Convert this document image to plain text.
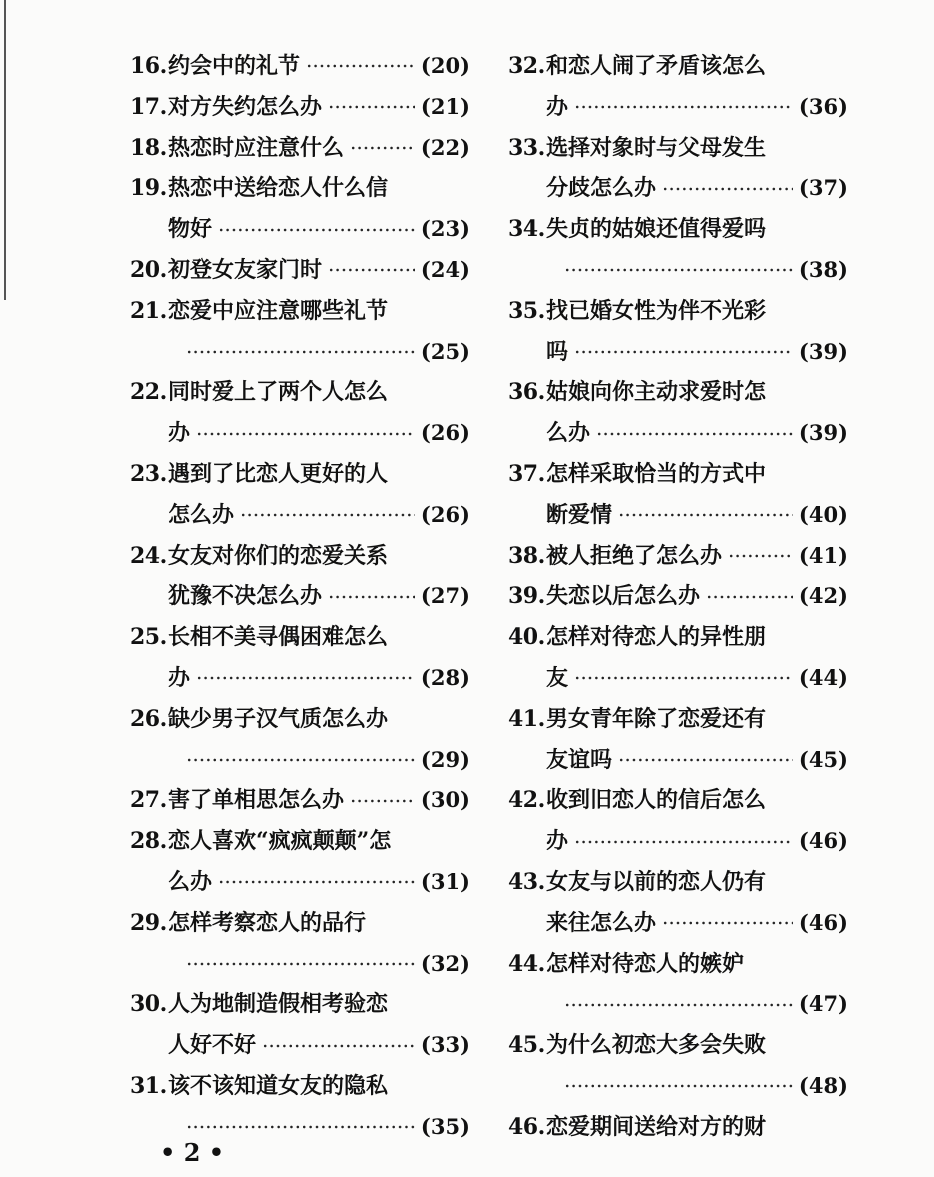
16. 约会中的礼节	(20)
17. 对方失约怎么办	(21)
18. 热恋时应注意什么	(22)
19. 热恋中送给恋人什么信
物好	(23)
20. 初登女友家门时	(24)
21. 恋爱中应注意哪些礼节
(25)
22. 同时爱上了两个人怎么
办	(26)
23. 遇到了比恋人更好的人
怎么办	(26)
24. 女友对你们的恋爱关系
犹豫不决怎么办	(27)
25. 长相不美寻偶困难怎么
办	(28)
26. 缺少男子汉气质怎么办
(29)
27. 害了单相思怎么办	(30)
28. 恋人喜欢“疯疯颠颠”怎
么办	(31)
29. 怎样考察恋人的品行
(32)
30. 人为地制造假相考验恋
人好不好	(33)
31. 该不该知道女友的隐私
(35)
32. 和恋人闹了矛盾该怎么
办	(36)
33. 选择对象时与父母发生
分歧怎么办	(37)
34. 失贞的姑娘还值得爱吗
(38)
35. 找已婚女性为伴不光彩
吗	(39)
36. 姑娘向你主动求爱时怎
么办	(39)
37. 怎样采取恰当的方式中
断爱情	(40)
38. 被人拒绝了怎么办	(41)
39. 失恋以后怎么办	(42)
40. 怎样对待恋人的异性朋
友	(44)
41. 男女青年除了恋爱还有
友谊吗	(45)
42. 收到旧恋人的信后怎么
办	(46)
43. 女友与以前的恋人仍有
来往怎么办	(46)
44. 怎样对待恋人的嫉妒
(47)
45. 为什么初恋大多会失败
(48)
46. 恋爱期间送给对方的财
• 2 •
